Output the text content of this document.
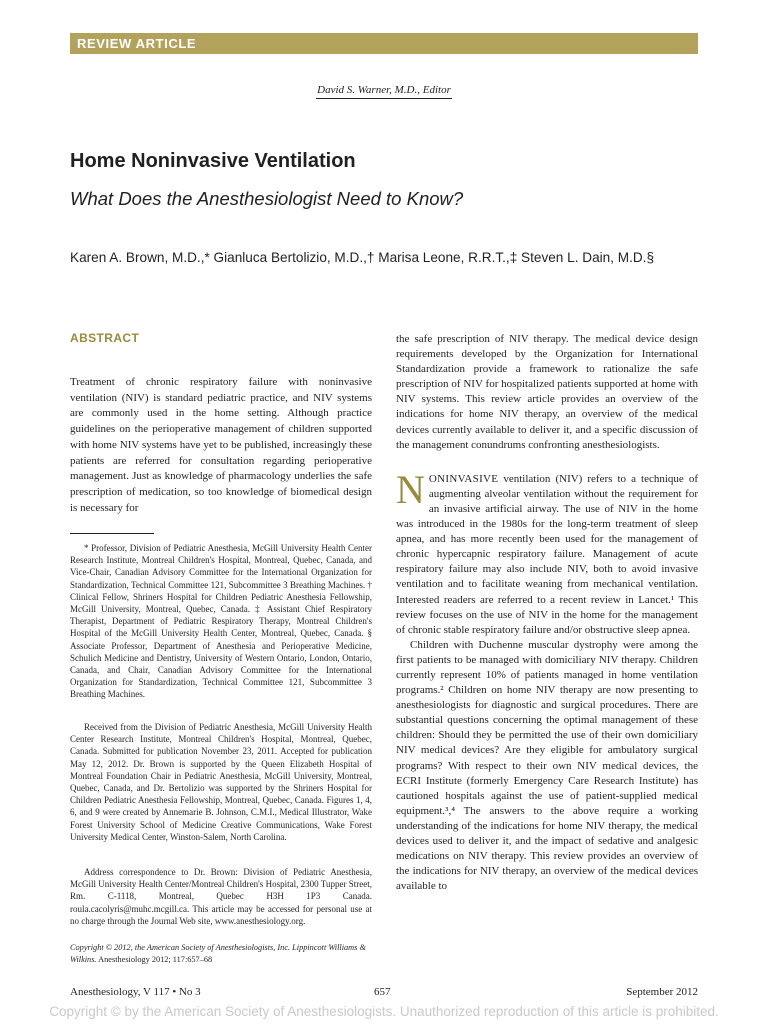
REVIEW ARTICLE
David S. Warner, M.D., Editor
Home Noninvasive Ventilation
What Does the Anesthesiologist Need to Know?
Karen A. Brown, M.D.,* Gianluca Bertolizio, M.D.,† Marisa Leone, R.R.T.,‡ Steven L. Dain, M.D.§
ABSTRACT

Treatment of chronic respiratory failure with noninvasive ventilation (NIV) is standard pediatric practice, and NIV systems are commonly used in the home setting. Although practice guidelines on the perioperative management of children supported with home NIV systems have yet to be published, increasingly these patients are referred for consultation regarding perioperative management. Just as knowledge of pharmacology underlies the safe prescription of medication, so too knowledge of biomedical design is necessary for

* Professor, Division of Pediatric Anesthesia, McGill University Health Center Research Institute, Montreal Children's Hospital, Montreal, Quebec, Canada, and Vice-Chair, Canadian Advisory Committee for the International Organization for Standardization, Technical Committee 121, Subcommittee 3 Breathing Machines. † Clinical Fellow, Shriners Hospital for Children Pediatric Anesthesia Fellowship, McGill University, Montreal, Quebec, Canada. ‡ Assistant Chief Respiratory Therapist, Department of Pediatric Respiratory Therapy, Montreal Children's Hospital of the McGill University Health Center, Montreal, Quebec, Canada. § Associate Professor, Department of Anesthesia and Perioperative Medicine, Schulich Medicine and Dentistry, University of Western Ontario, London, Ontario, Canada, and Chair, Canadian Advisory Committee for the International Organization for Standardization, Technical Committee 121, Subcommittee 3 Breathing Machines.

Received from the Division of Pediatric Anesthesia, McGill University Health Center Research Institute, Montreal Children's Hospital, Montreal, Quebec, Canada. Submitted for publication November 23, 2011. Accepted for publication May 12, 2012. Dr. Brown is supported by the Queen Elizabeth Hospital of Montreal Foundation Chair in Pediatric Anesthesia, McGill University, Montreal, Quebec, Canada, and Dr. Bertolizio was supported by the Shriners Hospital for Children Pediatric Anesthesia Fellowship, Montreal, Quebec, Canada. Figures 1, 4, 6, and 9 were created by Annemarie B. Johnson, C.M.I., Medical Illustrator, Wake Forest University School of Medicine Creative Communications, Wake Forest University Medical Center, Winston-Salem, North Carolina.

Address correspondence to Dr. Brown: Division of Pediatric Anesthesia, McGill University Health Center/Montreal Children's Hospital, 2300 Tupper Street, Rm. C-1118, Montreal, Quebec H3H 1P3 Canada. roula.cacolyris@muhc.mcgill.ca. This article may be accessed for personal use at no charge through the Journal Web site, www.anesthesiology.org.

Copyright © 2012, the American Society of Anesthesiologists, Inc. Lippincott Williams & Wilkins. Anesthesiology 2012; 117:657–68

the safe prescription of NIV therapy. The medical device design requirements developed by the Organization for International Standardization provide a framework to rationalize the safe prescription of NIV for hospitalized patients supported at home with NIV systems. This review article provides an overview of the indications for home NIV therapy, an overview of the medical devices currently available to deliver it, and a specific discussion of the management conundrums confronting anesthesiologists.

NONINVASIVE ventilation (NIV) refers to a technique of augmenting alveolar ventilation without the requirement for an invasive artificial airway. The use of NIV in the home was introduced in the 1980s for the long-term treatment of sleep apnea, and has more recently been used for the management of chronic hypercapnic respiratory failure. Management of acute respiratory failure may also include NIV, both to avoid invasive ventilation and to facilitate weaning from mechanical ventilation. Interested readers are referred to a recent review in Lancet.¹ This review focuses on the use of NIV in the home for the management of chronic stable respiratory failure and/or obstructive sleep apnea.

Children with Duchenne muscular dystrophy were among the first patients to be managed with domiciliary NIV therapy. Children currently represent 10% of patients managed in home ventilation programs.² Children on home NIV therapy are now presenting to anesthesiologists for diagnostic and surgical procedures. There are substantial questions concerning the optimal management of these children: Should they be permitted the use of their own domiciliary NIV medical devices? Are they eligible for ambulatory surgical programs? With respect to their own NIV medical devices, the ECRI Institute (formerly Emergency Care Research Institute) has cautioned hospitals against the use of patient-supplied medical equipment.³,⁴ The answers to the above require a working understanding of the indications for home NIV therapy, the medical devices used to deliver it, and the impact of sedative and analgesic medications on NIV therapy. This review provides an overview of the indications for NIV therapy, an overview of the medical devices available to

Anesthesiology, V 117 • No 3	657	September 2012
Copyright © by the American Society of Anesthesiologists. Unauthorized reproduction of this article is prohibited.
